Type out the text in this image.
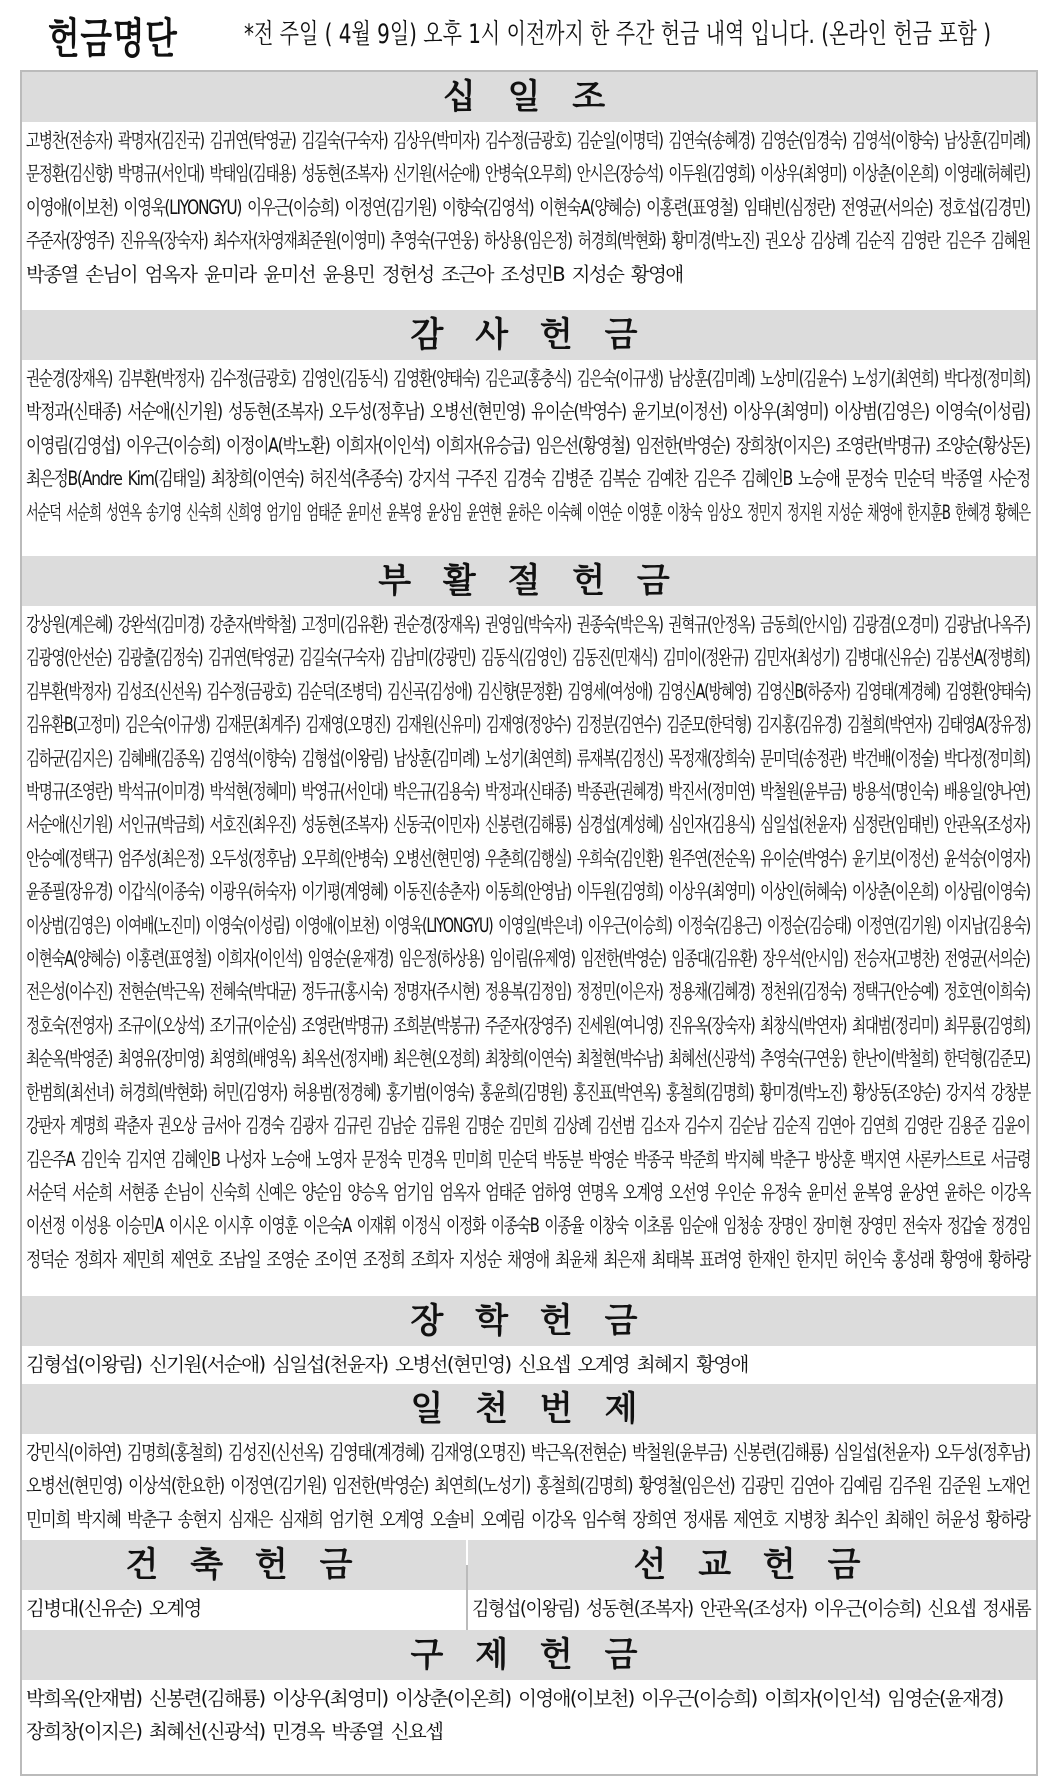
헌금명단 *전 주일 ( 4월 9일) 오후 1시 이전까지 한 주간 헌금 내역 입니다. (온라인 헌금 포함 )
십 일 조
고병찬(전송자) 곽명자(김진국) 김귀연(탁영균) 김길숙(구숙자) 김상우(박미자) 김수정(금광호) 김순일(이명덕) 김연숙(송혜경) 김영순(임경숙) 김영석(이향숙) 남상훈(김미례)
문정환(김신향) 박명규(서인대) 박태임(김태용) 성동현(조복자) 신기원(서순애) 안병숙(오무희) 안시은(장승석) 이두원(김영희) 이상우(최영미) 이상춘(이온희) 이영래(허혜린)
이영애(이보천) 이영욱(LIYONGYU) 이우근(이승희) 이정연(김기원) 이향숙(김영석) 이현숙A(양혜승) 이홍련(표영철) 임태빈(심정란) 전영균(서의순) 정호섭(김경민)
주준자(장영주) 진유옥(장숙자) 최수자(차영재최준원(이영미) 추영숙(구연웅) 하상용(임은정) 허경희(박현화) 황미경(박노진) 권오상 김상례 김순직 김영란 김은주 김혜원
박종열 손님이 엄옥자 윤미라 윤미선 윤용민 정헌성 조근아 조성민B 지성순 황영애
감 사 헌 금
권순경(장재옥) 김부환(박정자) 김수정(금광호) 김영인(김동식) 김영환(양태숙) 김은교(홍충식) 김은숙(이규생) 남상훈(김미례) 노상미(김윤수) 노성기(최연희) 박다정(정미희)
박정과(신태종) 서순애(신기원) 성동현(조복자) 오두성(정후남) 오병선(현민영) 유이순(박영수) 윤기보(이정선) 이상우(최영미) 이상범(김영은) 이영숙(이성림)
이영림(김영섭) 이우근(이승희) 이정이A(박노환) 이희자(이인석) 이희자(유승급) 임은선(황영철) 임전한(박영순) 장희창(이지은) 조영란(박명규) 조양순(황상돈)
최은정B(Andre Kim(김태일) 최창희(이연숙) 허진석(추종숙) 강지석 구주진 김경숙 김병준 김복순 김예찬 김은주 김혜인B 노승애 문정숙 민순덕 박종열 사순정
서순덕 서순희 성연옥 송기영 신숙희 신희영 엄기임 엄태준 윤미선 윤복영 윤상임 윤연현 윤하은 이숙혜 이연순 이영훈 이창숙 임상오 정민지 정지원 지성순 채영애 한지훈B 한혜경 황혜은
부 활 절 헌 금
강상원(계은혜) 강완석(김미경) 강춘자(박학철) 고정미(김유환) 권순경(장재옥) 권영임(박숙자) 권종숙(박은옥) 권혁규(안정옥) 금동희(안시임) 김광겸(오경미) 김광남(나옥주)
김광영(안선순) 김광출(김정숙) 김귀연(탁영균) 김길숙(구숙자) 김남미(강광민) 김동식(김영인) 김동진(민재식) 김미이(정완규) 김민자(최성기) 김병대(신유순) 김봉선A(정병희)
김부환(박정자) 김성조(신선옥) 김수정(금광호) 김순덕(조병덕) 김신곡(김성애) 김신향(문정환) 김영세(여성애) 김영신A(방혜영) 김영신B(하중자) 김영태(계경혜) 김영환(양태숙)
김유환B(고정미) 김은숙(이규생) 김재문(최계주) 김재영(오명진) 김재원(신유미) 김재영(정양수) 김정분(김연수) 김준모(한덕형) 김지홍(김유경) 김철희(박연자) 김태영A(장유정)
김하균(김지은) 김혜배(김종옥) 김영석(이향숙) 김형섭(이왕림) 남상훈(김미례) 노성기(최연희) 류재복(김정신) 목정재(장희숙) 문미덕(송정관) 박건배(이정술) 박다정(정미희)
박명규(조영란) 박석규(이미경) 박석현(정혜미) 박영규(서인대) 박은규(김용숙) 박정과(신태종) 박종관(권혜경) 박진서(정미연) 박철원(윤부금) 방용석(명인숙) 배용일(양나연)
서순애(신기원) 서인규(박금희) 서호진(최우진) 성동현(조복자) 신동국(이민자) 신봉련(김해룡) 심경섭(계성혜) 심인자(김용식) 심일섭(천윤자) 심정란(임태빈) 안관옥(조성자)
안승예(정택구) 엄주성(최은정) 오두성(정후남) 오무희(안병숙) 오병선(현민영) 우춘희(김행실) 우희숙(김인환) 원주연(전순옥) 유이순(박영수) 윤기보(이정선) 윤석숭(이영자)
윤종필(장유경) 이갑식(이종숙) 이광우(허숙자) 이기평(계영혜) 이동진(송춘자) 이동희(안영남) 이두원(김영희) 이상우(최영미) 이상인(허혜숙) 이상춘(이온희) 이상림(이영숙)
이상범(김영은) 이여배(노진미) 이영숙(이성림) 이영애(이보천) 이영욱(LIYONGYU) 이영일(박은녀) 이우근(이승희) 이정숙(김용근) 이정순(김승태) 이정연(김기원) 이지남(김용숙)
이현숙A(양혜승) 이홍련(표영철) 이희자(이인석) 임영순(윤재경) 임은정(하상용) 임이림(유제영) 임전한(박영순) 임종대(김유환) 장우석(안시임) 전승자(고병찬) 전영균(서의순)
전은성(이수진) 전현순(박근옥) 전혜숙(박대균) 정두규(홍시숙) 정명자(주시현) 정용복(김정임) 정정민(이은자) 정용채(김혜경) 정천위(김정숙) 정택구(안승예) 정호연(이희숙)
정호숙(전영자) 조규이(오상석) 조기규(이순심) 조영란(박명규) 조희분(박봉규) 주준자(장영주) 진세원(여니영) 진유옥(장숙자) 최창식(박연자) 최대범(정리미) 최무룡(김영희)
최순옥(박영준) 최영유(장미영) 최영희(배영옥) 최옥선(정지배) 최은현(오정희) 최창희(이연숙) 최철현(박수남) 최혜선(신광석) 추영숙(구연웅) 한난이(박철희) 한덕형(김준모)
한범희(최선녀) 허경희(박현화) 허민(김영자) 허용범(정경혜) 홍기범(이영숙) 홍윤희(김명원) 홍진표(박연옥) 홍철희(김명희) 황미경(박노진) 황상동(조양순) 강지석 강창분
강판자 계명희 곽춘자 권오상 금서아 김경숙 김광자 김규린 김남순 김류원 김명순 김민희 김상례 김선범 김소자 김수지 김순남 김순직 김연아 김연희 김영란 김용준 김윤이
김은주A 김인숙 김지연 김혜인B 나성자 노승애 노영자 문정숙 민경옥 민미희 민순덕 박동분 박영순 박종국 박준희 박지혜 박춘구 방상훈 백지연 사론카스트로 서금령
서순덕 서순희 서현종 손님이 신숙희 신예은 양순임 양승옥 엄기임 엄옥자 엄태준 엄하영 연명옥 오계영 오선영 우인순 유정숙 윤미선 윤복영 윤상연 윤하은 이강옥
이선정 이성용 이승민A 이시온 이시후 이영훈 이은숙A 이재휘 이정식 이정화 이종숙B 이종율 이창숙 이초롬 임순애 임청송 장명인 장미현 장영민 전숙자 정갑술 정경임
정덕순 정희자 제민희 제연호 조남일 조영순 조이연 조정희 조희자 지성순 채영애 최윤채 최은재 최태복 표려영 한재인 한지민 허인숙 홍성래 황영애 황하랑
장 학 헌 금
김형섭(이왕림) 신기원(서순애) 심일섭(천윤자) 오병선(현민영) 신요셉 오계영 최혜지 황영애
일 천 번 제
강민식(이하연) 김명희(홍철희) 김성진(신선옥) 김영태(계경혜) 김재영(오명진) 박근옥(전현순) 박철원(윤부금) 신봉련(김해룡) 심일섭(천윤자) 오두성(정후남)
오병선(현민영) 이상석(한요한) 이정연(김기원) 임전한(박영순) 최연희(노성기) 홍철희(김명희) 황영철(임은선) 김광민 김연아 김예림 김주원 김준원 노재언
민미희 박지혜 박춘구 송현지 심재은 심재희 엄기현 오계영 오솔비 오예림 이강옥 임수혁 장희연 정새롬 제연호 지병창 최수인 최해인 허윤성 황하랑
건 축 헌 금	선 교 헌 금
김병대(신유순) 오계영	김형섭(이왕림) 성동현(조복자) 안관옥(조성자) 이우근(이승희) 신요셉 정새롬
구 제 헌 금
박희옥(안재범) 신봉련(김해룡) 이상우(최영미) 이상춘(이온희) 이영애(이보천) 이우근(이승희) 이희자(이인석) 임영순(윤재경)
장희창(이지은) 최혜선(신광석) 민경옥 박종열 신요셉
